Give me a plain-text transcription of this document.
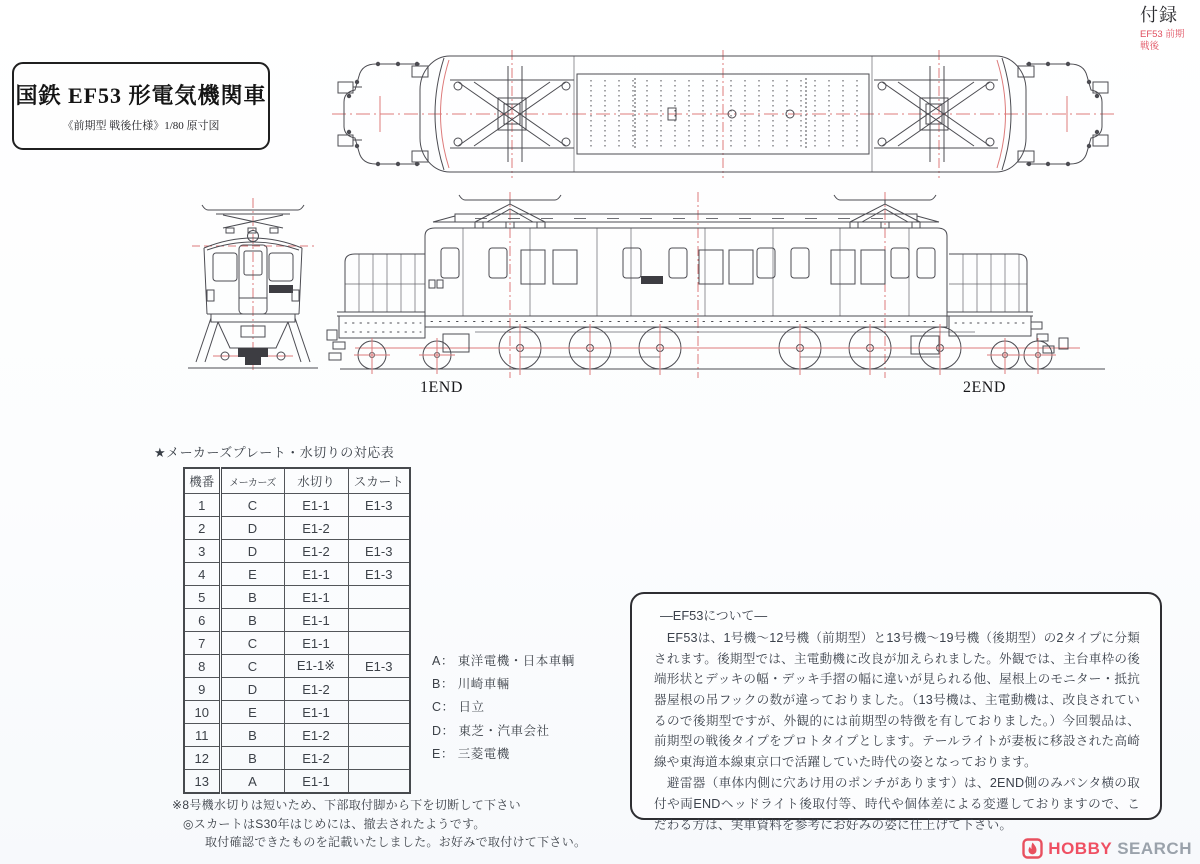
国鉄 EF53 形電気機関車
《前期型 戦後仕様》1/80 原寸図
付録
EF53 前期
戦後
1END	2END
★メーカーズプレート・水切りの対応表
機番	メーカーズ	水切り	スカート
1	C	E1-1	E1-3
2	D	E1-2	
3	D	E1-2	E1-3
4	E	E1-1	E1-3
5	B	E1-1	
6	B	E1-1	
7	C	E1-1	
8	C	E1-1※	E1-3
9	D	E1-2	
10	E	E1-1	
11	B	E1-2	
12	B	E1-2	
13	A	E1-1	
※8号機水切りは短いため、下部取付脚から下を切断して下さい
◎スカートはS30年はじめには、撤去されたようです。
取付確認できたものを記載いたしました。お好みで取付けて下さい。
A： 東洋電機・日本車輌
B： 川崎車輛
C： 日立
D： 東芝・汽車会社
E： 三菱電機
—EF53について—

　EF53は、1号機～12号機（前期型）と13号機～19号機（後期型）の2タイプに分類されます。後期型では、主電動機に改良が加えられました。外観では、主台車枠の後端形状とデッキの幅・デッキ手摺の幅に違いが見られる他、屋根上のモニター・抵抗器屋根の吊フックの数が違っておりました。（13号機は、主電動機は、改良されているので後期型ですが、外観的には前期型の特徴を有しておりました。）今回製品は、前期型の戦後タイプをプロトタイプとします。テールライトが妻板に移設された高崎線や東海道本線東京口で活躍していた時代の姿となっております。

　避雷器（車体内側に穴あけ用のポンチがあります）は、2END側のみパンタ横の取付や両ENDヘッドライト後取付等、時代や個体差による変遷しておりますので、こだわる方は、実車資料を参考にお好みの姿に仕上げて下さい。

HOBBY SEARCH
